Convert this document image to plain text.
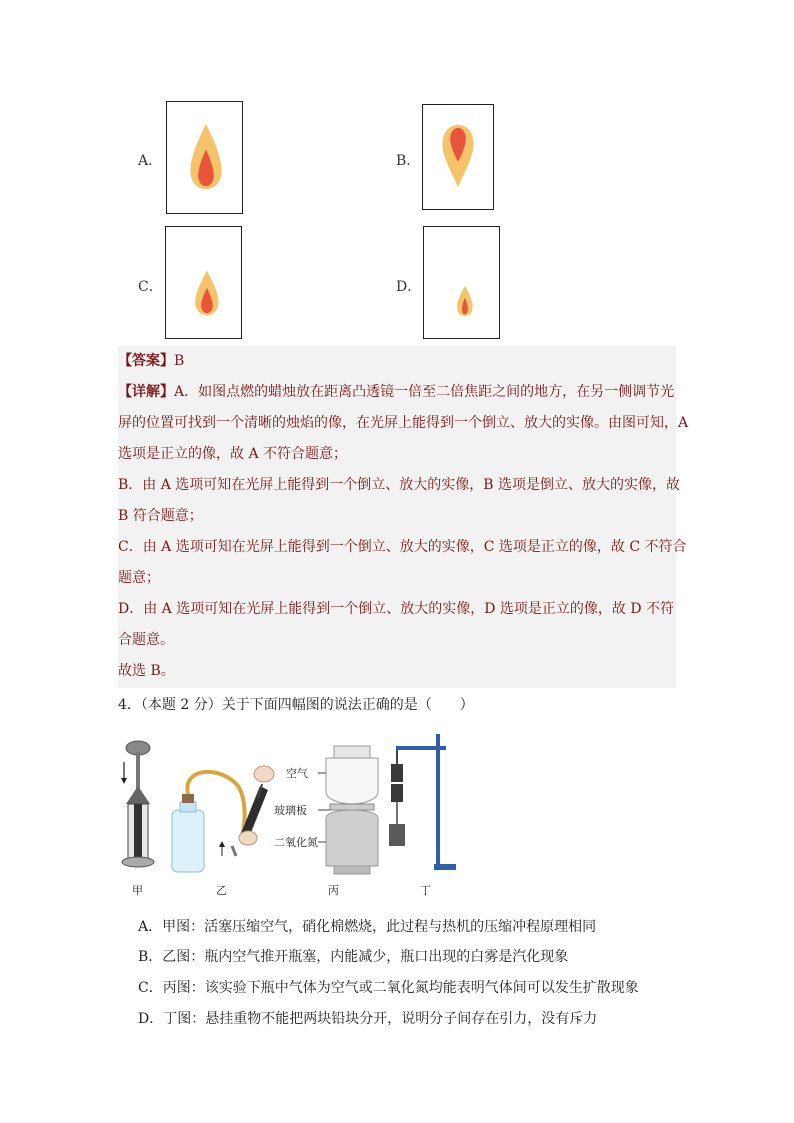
A．	B．
C．	D．
【答案】B
【详解】A．如图点燃的蜡烛放在距离凸透镜一倍至二倍焦距之间的地方，在另一侧调节光
屏的位置可找到一个清晰的烛焰的像，在光屏上能得到一个倒立、放大的实像。由图可知，A
选项是正立的像，故 A 不符合题意；
B．由 A 选项可知在光屏上能得到一个倒立、放大的实像，B 选项是倒立、放大的实像，故
B 符合题意；
C．由 A 选项可知在光屏上能得到一个倒立、放大的实像，C 选项是正立的像，故 C 不符合
题意；
D．由 A 选项可知在光屏上能得到一个倒立、放大的实像，D 选项是正立的像，故 D 不符
合题意。
故选 B。
4．（本题 2 分）关于下面四幅图的说法正确的是（　　）
甲	乙
空气
玻璃板
二氧化氮
丙	丁
A．甲图：活塞压缩空气，硝化棉燃烧，此过程与热机的压缩冲程原理相同
B．乙图：瓶内空气推开瓶塞，内能减少，瓶口出现的白雾是汽化现象
C．丙图：该实验下瓶中气体为空气或二氧化氮均能表明气体间可以发生扩散现象
D．丁图：悬挂重物不能把两块铅块分开，说明分子间存在引力，没有斥力
